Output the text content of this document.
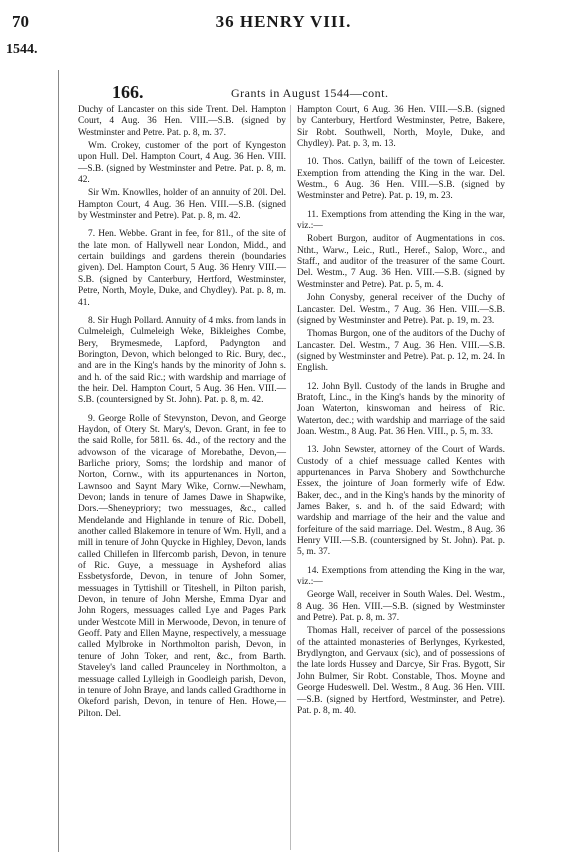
70	36 HENRY VIII.
1544.
166.	Grants in August 1544—cont.

Duchy of Lancaster on this side Trent. Del. Hampton Court, 4 Aug. 36 Hen. VIII.—S.B. (signed by Westminster and Petre. Pat. p. 8, m. 37.

Wm. Crokey, customer of the port of Kyngeston upon Hull. Del. Hampton Court, 4 Aug. 36 Hen. VIII.—S.B. (signed by Westminster and Petre. Pat. p. 8, m. 42.

Sir Wm. Knowlles, holder of an annuity of 20l. Del. Hampton Court, 4 Aug. 36 Hen. VIII.—S.B. (signed by Westminster and Petre). Pat. p. 8, m. 42.

7. Hen. Webbe. Grant in fee, for 81l., of the site of the late mon. of Hallywell near London, Midd., and certain buildings and gardens therein (boundaries given). Del. Hampton Court, 5 Aug. 36 Henry VIII.—S.B. (signed by Canterbury, Hertford, Westminster, Petre, North, Moyle, Duke, and Chydley). Pat. p. 8, m. 41.

8. Sir Hugh Pollard. Annuity of 4 mks. from lands in Culmeleigh, Culmeleigh Weke, Bikleighes Combe, Bery, Brymesmede, Lapford, Padyngton and Borington, Devon, which belonged to Ric. Bury, dec., and are in the King's hands by the minority of John s. and h. of the said Ric.; with wardship and marriage of the heir. Del. Hampton Court, 5 Aug. 36 Hen. VIII.—S.B. (countersigned by St. John). Pat. p. 8, m. 42.

9. George Rolle of Stevynston, Devon, and George Haydon, of Otery St. Mary's, Devon. Grant, in fee to the said Rolle, for 581l. 6s. 4d., of the rectory and the advowson of the vicarage of Morebathe, Devon,—Barliche priory, Soms; the lordship and manor of Norton, Cornw., with its appurtenances in Norton, Lawnsoo and Saynt Mary Wike, Cornw.—Newham, Devon; lands in tenure of James Dawe in Shapwike, Dors.—Sheneypriory; two messuages, &c., called Mendelande and Highlande in tenure of Ric. Dobell, another called Blakemore in tenure of Wm. Hyll, and a mill in tenure of John Quycke in Highley, Devon, lands called Chillefen in Ilfercomb parish, Devon, in tenure of Ric. Guye, a messuage in Aysheford alias Essbetysforde, Devon, in tenure of John Somer, messuages in Tyttishill or Titeshell, in Pilton parish, Devon, in tenure of John Mershe, Emma Dyar and John Rogers, messuages called Lye and Pages Park under Westcote Mill in Merwoode, Devon, in tenure of Geoff. Paty and Ellen Mayne, respectively, a messuage called Mylbroke in Northmolton parish, Devon, in tenure of John Toker, and rent, &c., from Barth. Staveley's land called Praunceley in Northmolton, a messuage called Lylleigh in Goodleigh parish, Devon, in tenure of John Braye, and lands called Gradthorne in Okeford parish, Devon, in tenure of Hen. Howe,—Pilton. Del.

Hampton Court, 6 Aug. 36 Hen. VIII.—S.B. (signed by Canterbury, Hertford Westminster, Petre, Bakere, Sir Robt. Southwell, North, Moyle, Duke, and Chydley). Pat. p. 3, m. 13.

10. Thos. Catlyn, bailiff of the town of Leicester. Exemption from attending the King in the war. Del. Westm., 6 Aug. 36 Hen. VIII.—S.B. (signed by Westminster and Petre). Pat. p. 19, m. 23.

11. Exemptions from attending the King in the war, viz.:—

Robert Burgon, auditor of Augmentations in cos. Ntht., Warw., Leic., Rutl., Heref., Salop, Worc., and Staff., and auditor of the treasurer of the same Court. Del. Westm., 7 Aug. 36 Hen. VIII.—S.B. (signed by Westminster and Petre). Pat. p. 5, m. 4.

John Conysby, general receiver of the Duchy of Lancaster. Del. Westm., 7 Aug. 36 Hen. VIII.—S.B. (signed by Westminster and Petre). Pat. p. 19, m. 23.

Thomas Burgon, one of the auditors of the Duchy of Lancaster. Del. Westm., 7 Aug. 36 Hen. VIII.—S.B. (signed by Westminster and Petre). Pat. p. 12, m. 24. In English.

12. John Byll. Custody of the lands in Brughe and Bratoft, Linc., in the King's hands by the minority of Joan Waterton, kinswoman and heiress of Ric. Waterton, dec.; with wardship and marriage of the said Joan. Westm., 8 Aug. Pat. 36 Hen. VIII., p. 5, m. 33.

13. John Sewster, attorney of the Court of Wards. Custody of a chief messuage called Kentes with appurtenances in Parva Shobery and Sowthchurche Essex, the jointure of Joan formerly wife of Edw. Baker, dec., and in the King's hands by the minority of James Baker, s. and h. of the said Edward; with wardship and marriage of the heir and the value and forfeiture of the said marriage. Del. Westm., 8 Aug. 36 Henry VIII.—S.B. (countersigned by St. John). Pat. p. 5, m. 37.

14. Exemptions from attending the King in the war, viz.:—

George Wall, receiver in South Wales. Del. Westm., 8 Aug. 36 Hen. VIII.—S.B. (signed by Westminster and Petre). Pat. p. 8, m. 37.

Thomas Hall, receiver of parcel of the possessions of the attainted monasteries of Berlynges, Kyrkested, Brydlyngton, and Gervaux (sic), and of possessions of the late lords Hussey and Darcye, Sir Fras. Bygott, Sir John Bulmer, Sir Robt. Constable, Thos. Moyne and George Hudeswell. Del. Westm., 8 Aug. 36 Hen. VIII.—S.B. (signed by Hertford, Westminster, and Petre). Pat. p. 8, m. 40.
